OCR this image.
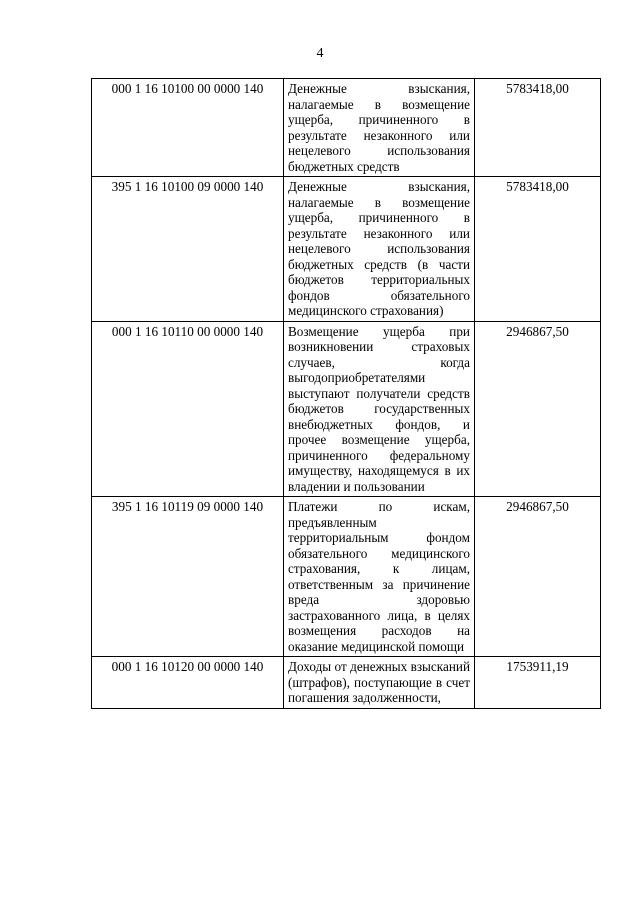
4
000 1 16 10100 00 0000 140	Денежные взыскания, налагаемые в возмещение ущерба, причиненного в результате незаконного или нецелевого использования бюджетных средств	5783418,00
395 1 16 10100 09 0000 140	Денежные взыскания, налагаемые в возмещение ущерба, причиненного в результате незаконного или нецелевого использования бюджетных средств (в части бюджетов территориальных фондов обязательного медицинского страхования)	5783418,00
000 1 16 10110 00 0000 140	Возмещение ущерба при возникновении страховых случаев, когда выгодоприобретателями выступают получатели средств бюджетов государственных внебюджетных фондов, и прочее возмещение ущерба, причиненного федеральному имуществу, находящемуся в их владении и пользовании	2946867,50
395 1 16 10119 09 0000 140	Платежи по искам, предъявленным территориальным фондом обязательного медицинского страхования, к лицам, ответственным за причинение вреда здоровью застрахованного лица, в целях возмещения расходов на оказание медицинской помощи	2946867,50
000 1 16 10120 00 0000 140	Доходы от денежных взысканий (штрафов), поступающие в счет погашения задолженности,	1753911,19
